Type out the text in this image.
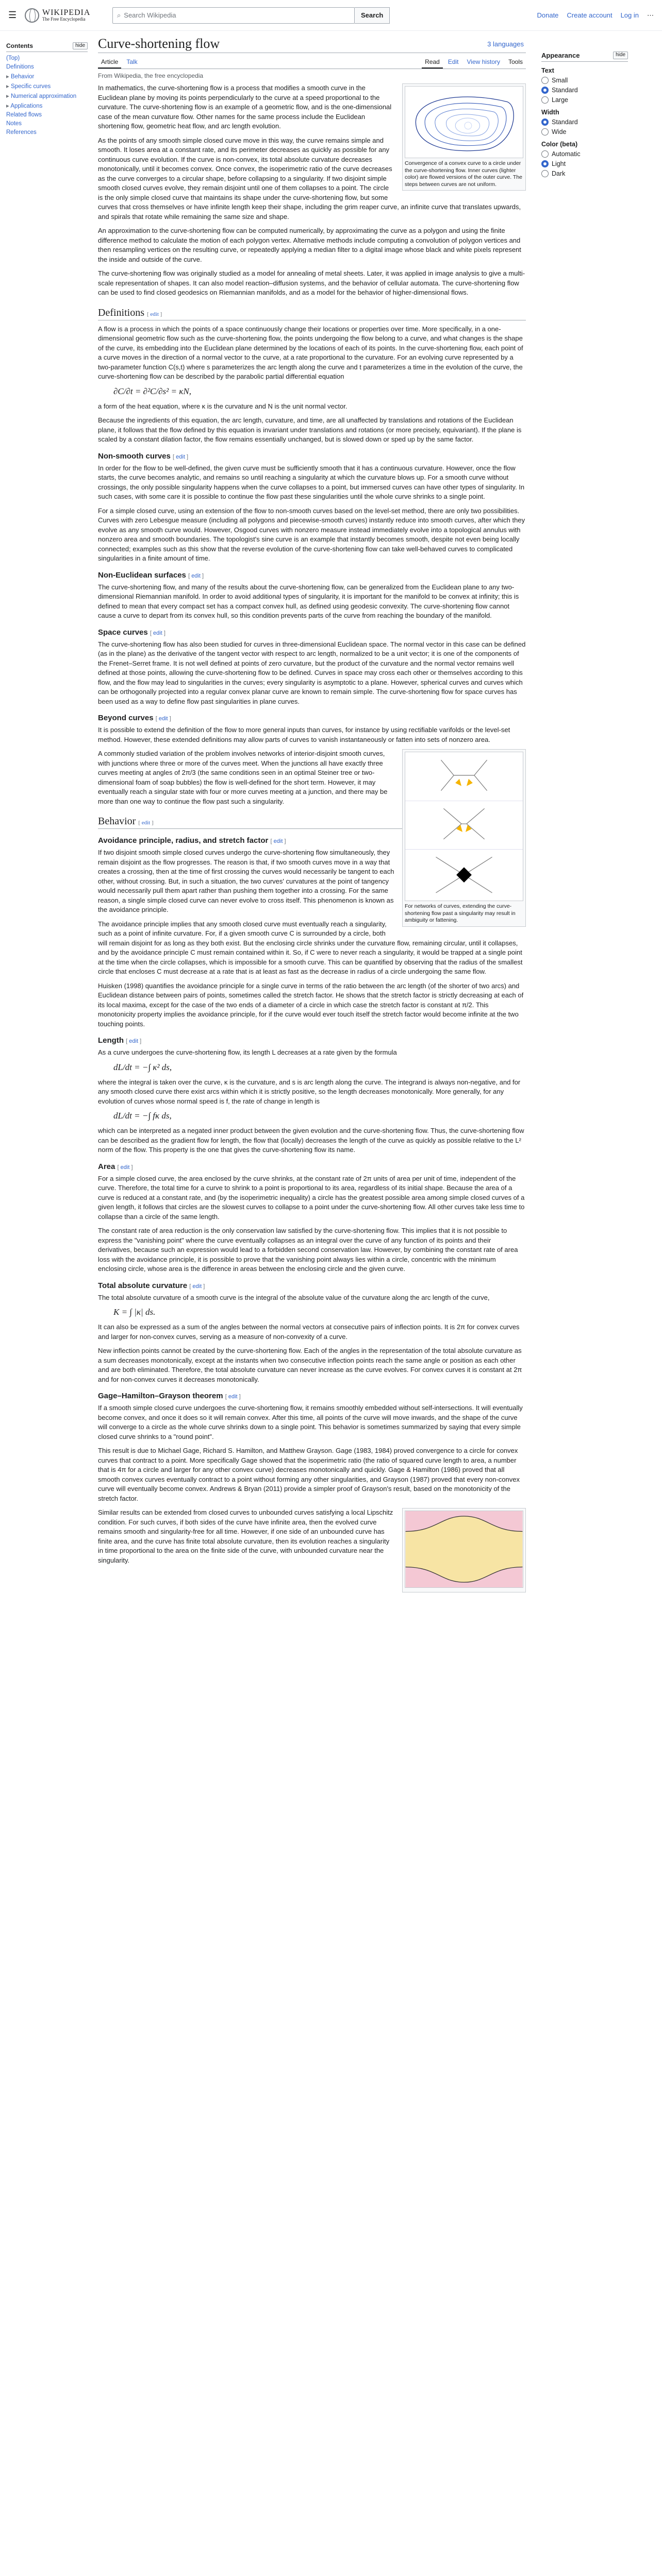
☰	WIKIPEDIA
The Free Encyclopedia
⌕ Search Wikipedia	Search	Donate Create account Log in ⋯
Contents	hide
(Top)
Definitions
▸ Behavior
▸ Specific curves
▸ Numerical approximation
▸ Applications
Related flows
Notes
References
Curve-shortening flow	3 languages
Article	Talk	Read	Edit	View history	Tools
From Wikipedia, the free encyclopedia
Convergence of a convex curve to a circle under the curve-shortening flow. Inner curves (lighter color) are flowed versions of the outer curve. The steps between curves are not uniform.

In mathematics, the curve-shortening flow is a process that modifies a smooth curve in the Euclidean plane by moving its points perpendicularly to the curve at a speed proportional to the curvature. The curve-shortening flow is an example of a geometric flow, and is the one-dimensional case of the mean curvature flow. Other names for the same process include the Euclidean shortening flow, geometric heat flow, and arc length evolution.

As the points of any smooth simple closed curve move in this way, the curve remains simple and smooth. It loses area at a constant rate, and its perimeter decreases as quickly as possible for any continuous curve evolution. If the curve is non-convex, its total absolute curvature decreases monotonically, until it becomes convex. Once convex, the isoperimetric ratio of the curve decreases as the curve converges to a circular shape, before collapsing to a singularity. If two disjoint simple smooth closed curves evolve, they remain disjoint until one of them collapses to a point. The circle is the only simple closed curve that maintains its shape under the curve-shortening flow, but some curves that cross themselves or have infinite length keep their shape, including the grim reaper curve, an infinite curve that translates upwards, and spirals that rotate while remaining the same size and shape.

An approximation to the curve-shortening flow can be computed numerically, by approximating the curve as a polygon and using the finite difference method to calculate the motion of each polygon vertex. Alternative methods include computing a convolution of polygon vertices and then resampling vertices on the resulting curve, or repeatedly applying a median filter to a digital image whose black and white pixels represent the inside and outside of the curve.

The curve-shortening flow was originally studied as a model for annealing of metal sheets. Later, it was applied in image analysis to give a multi-scale representation of shapes. It can also model reaction–diffusion systems, and the behavior of cellular automata. The curve-shortening flow can be used to find closed geodesics on Riemannian manifolds, and as a model for the behavior of higher-dimensional flows.

Definitions [ edit ]

A flow is a process in which the points of a space continuously change their locations or properties over time. More specifically, in a one-dimensional geometric flow such as the curve-shortening flow, the points undergoing the flow belong to a curve, and what changes is the shape of the curve, its embedding into the Euclidean plane determined by the locations of each of its points. In the curve-shortening flow, each point of a curve moves in the direction of a normal vector to the curve, at a rate proportional to the curvature. For an evolving curve represented by a two-parameter function C(s,t) where s parameterizes the arc length along the curve and t parameterizes a time in the evolution of the curve, the curve-shortening flow can be described by the parabolic partial differential equation

∂C/∂t = ∂²C/∂s² = κN,

a form of the heat equation, where κ is the curvature and N is the unit normal vector.

Because the ingredients of this equation, the arc length, curvature, and time, are all unaffected by translations and rotations of the Euclidean plane, it follows that the flow defined by this equation is invariant under translations and rotations (or more precisely, equivariant). If the plane is scaled by a constant dilation factor, the flow remains essentially unchanged, but is slowed down or sped up by the same factor.

Non-smooth curves [ edit ]

In order for the flow to be well-defined, the given curve must be sufficiently smooth that it has a continuous curvature. However, once the flow starts, the curve becomes analytic, and remains so until reaching a singularity at which the curvature blows up. For a smooth curve without crossings, the only possible singularity happens when the curve collapses to a point, but immersed curves can have other types of singularity. In such cases, with some care it is possible to continue the flow past these singularities until the whole curve shrinks to a single point.

For a simple closed curve, using an extension of the flow to non-smooth curves based on the level-set method, there are only two possibilities. Curves with zero Lebesgue measure (including all polygons and piecewise-smooth curves) instantly reduce into smooth curves, after which they evolve as any smooth curve would. However, Osgood curves with nonzero measure instead immediately evolve into a topological annulus with nonzero area and smooth boundaries. The topologist's sine curve is an example that instantly becomes smooth, despite not even being locally connected; examples such as this show that the reverse evolution of the curve-shortening flow can take well-behaved curves to complicated singularities in a finite amount of time.

Non-Euclidean surfaces [ edit ]

The curve-shortening flow, and many of the results about the curve-shortening flow, can be generalized from the Euclidean plane to any two-dimensional Riemannian manifold. In order to avoid additional types of singularity, it is important for the manifold to be convex at infinity; this is defined to mean that every compact set has a compact convex hull, as defined using geodesic convexity. The curve-shortening flow cannot cause a curve to depart from its convex hull, so this condition prevents parts of the curve from reaching the boundary of the manifold.

Space curves [ edit ]

The curve-shortening flow has also been studied for curves in three-dimensional Euclidean space. The normal vector in this case can be defined (as in the plane) as the derivative of the tangent vector with respect to arc length, normalized to be a unit vector; it is one of the components of the Frenet–Serret frame. It is not well defined at points of zero curvature, but the product of the curvature and the normal vector remains well defined at those points, allowing the curve-shortening flow to be defined. Curves in space may cross each other or themselves according to this flow, and the flow may lead to singularities in the curves; every singularity is asymptotic to a plane. However, spherical curves and curves which can be orthogonally projected into a regular convex planar curve are known to remain simple. The curve-shortening flow for space curves has been used as a way to define flow past singularities in plane curves.

Beyond curves [ edit ]

It is possible to extend the definition of the flow to more general inputs than curves, for instance by using rectifiable varifolds or the level-set method. However, these extended definitions may allow parts of curves to vanish instantaneously or fatten into sets of nonzero area.

For networks of curves, extending the curve-shortening flow past a singularity may result in ambiguity or fattening.

A commonly studied variation of the problem involves networks of interior-disjoint smooth curves, with junctions where three or more of the curves meet. When the junctions all have exactly three curves meeting at angles of 2π/3 (the same conditions seen in an optimal Steiner tree or two-dimensional foam of soap bubbles) the flow is well-defined for the short term. However, it may eventually reach a singular state with four or more curves meeting at a junction, and there may be more than one way to continue the flow past such a singularity.

Behavior [ edit ]
Avoidance principle, radius, and stretch factor [ edit ]

If two disjoint smooth simple closed curves undergo the curve-shortening flow simultaneously, they remain disjoint as the flow progresses. The reason is that, if two smooth curves move in a way that creates a crossing, then at the time of first crossing the curves would necessarily be tangent to each other, without crossing. But, in such a situation, the two curves' curvatures at the point of tangency would necessarily pull them apart rather than pushing them together into a crossing. For the same reason, a single simple closed curve can never evolve to cross itself. This phenomenon is known as the avoidance principle.

The avoidance principle implies that any smooth closed curve must eventually reach a singularity, such as a point of infinite curvature. For, if a given smooth curve C is surrounded by a circle, both will remain disjoint for as long as they both exist. But the enclosing circle shrinks under the curvature flow, remaining circular, until it collapses, and by the avoidance principle C must remain contained within it. So, if C were to never reach a singularity, it would be trapped at a single point at the time when the circle collapses, which is impossible for a smooth curve. This can be quantified by observing that the radius of the smallest circle that encloses C must decrease at a rate that is at least as fast as the decrease in radius of a circle undergoing the same flow.

Huisken (1998) quantifies the avoidance principle for a single curve in terms of the ratio between the arc length (of the shorter of two arcs) and Euclidean distance between pairs of points, sometimes called the stretch factor. He shows that the stretch factor is strictly decreasing at each of its local maxima, except for the case of the two ends of a diameter of a circle in which case the stretch factor is constant at π/2. This monotonicity property implies the avoidance principle, for if the curve would ever touch itself the stretch factor would become infinite at the two touching points.

Length [ edit ]

As a curve undergoes the curve-shortening flow, its length L decreases at a rate given by the formula

dL/dt = −∫ κ² ds,

where the integral is taken over the curve, κ is the curvature, and s is arc length along the curve. The integrand is always non-negative, and for any smooth closed curve there exist arcs within which it is strictly positive, so the length decreases monotonically. More generally, for any evolution of curves whose normal speed is f, the rate of change in length is

dL/dt = −∫ fκ ds,

which can be interpreted as a negated inner product between the given evolution and the curve-shortening flow. Thus, the curve-shortening flow can be described as the gradient flow for length, the flow that (locally) decreases the length of the curve as quickly as possible relative to the L² norm of the flow. This property is the one that gives the curve-shortening flow its name.

Area [ edit ]

For a simple closed curve, the area enclosed by the curve shrinks, at the constant rate of 2π units of area per unit of time, independent of the curve. Therefore, the total time for a curve to shrink to a point is proportional to its area, regardless of its initial shape. Because the area of a curve is reduced at a constant rate, and (by the isoperimetric inequality) a circle has the greatest possible area among simple closed curves of a given length, it follows that circles are the slowest curves to collapse to a point under the curve-shortening flow. All other curves take less time to collapse than a circle of the same length.

The constant rate of area reduction is the only conservation law satisfied by the curve-shortening flow. This implies that it is not possible to express the "vanishing point" where the curve eventually collapses as an integral over the curve of any function of its points and their derivatives, because such an expression would lead to a forbidden second conservation law. However, by combining the constant rate of area loss with the avoidance principle, it is possible to prove that the vanishing point always lies within a circle, concentric with the minimum enclosing circle, whose area is the difference in areas between the enclosing circle and the given curve.

Total absolute curvature [ edit ]

The total absolute curvature of a smooth curve is the integral of the absolute value of the curvature along the arc length of the curve,

K = ∫ |κ| ds.

It can also be expressed as a sum of the angles between the normal vectors at consecutive pairs of inflection points. It is 2π for convex curves and larger for non-convex curves, serving as a measure of non-convexity of a curve.

New inflection points cannot be created by the curve-shortening flow. Each of the angles in the representation of the total absolute curvature as a sum decreases monotonically, except at the instants when two consecutive inflection points reach the same angle or position as each other and are both eliminated. Therefore, the total absolute curvature can never increase as the curve evolves. For convex curves it is constant at 2π and for non-convex curves it decreases monotonically.

Gage–Hamilton–Grayson theorem [ edit ]

If a smooth simple closed curve undergoes the curve-shortening flow, it remains smoothly embedded without self-intersections. It will eventually become convex, and once it does so it will remain convex. After this time, all points of the curve will move inwards, and the shape of the curve will converge to a circle as the whole curve shrinks down to a single point. This behavior is sometimes summarized by saying that every simple closed curve shrinks to a "round point".

This result is due to Michael Gage, Richard S. Hamilton, and Matthew Grayson. Gage (1983, 1984) proved convergence to a circle for convex curves that contract to a point. More specifically Gage showed that the isoperimetric ratio (the ratio of squared curve length to area, a number that is 4π for a circle and larger for any other convex curve) decreases monotonically and quickly. Gage & Hamilton (1986) proved that all smooth convex curves eventually contract to a point without forming any other singularities, and Grayson (1987) proved that every non-convex curve will eventually become convex. Andrews & Bryan (2011) provide a simpler proof of Grayson's result, based on the monotonicity of the stretch factor.

Similar results can be extended from closed curves to unbounded curves satisfying a local Lipschitz condition. For such curves, if both sides of the curve have infinite area, then the evolved curve remains smooth and singularity-free for all time. However, if one side of an unbounded curve has finite area, and the curve has finite total absolute curvature, then its evolution reaches a singularity in time proportional to the area on the finite side of the curve, with unbounded curvature near the singularity.

Appearance	hide
Text
Small
Standard
Large
Width
Standard
Wide
Color (beta)
Automatic
Light
Dark
